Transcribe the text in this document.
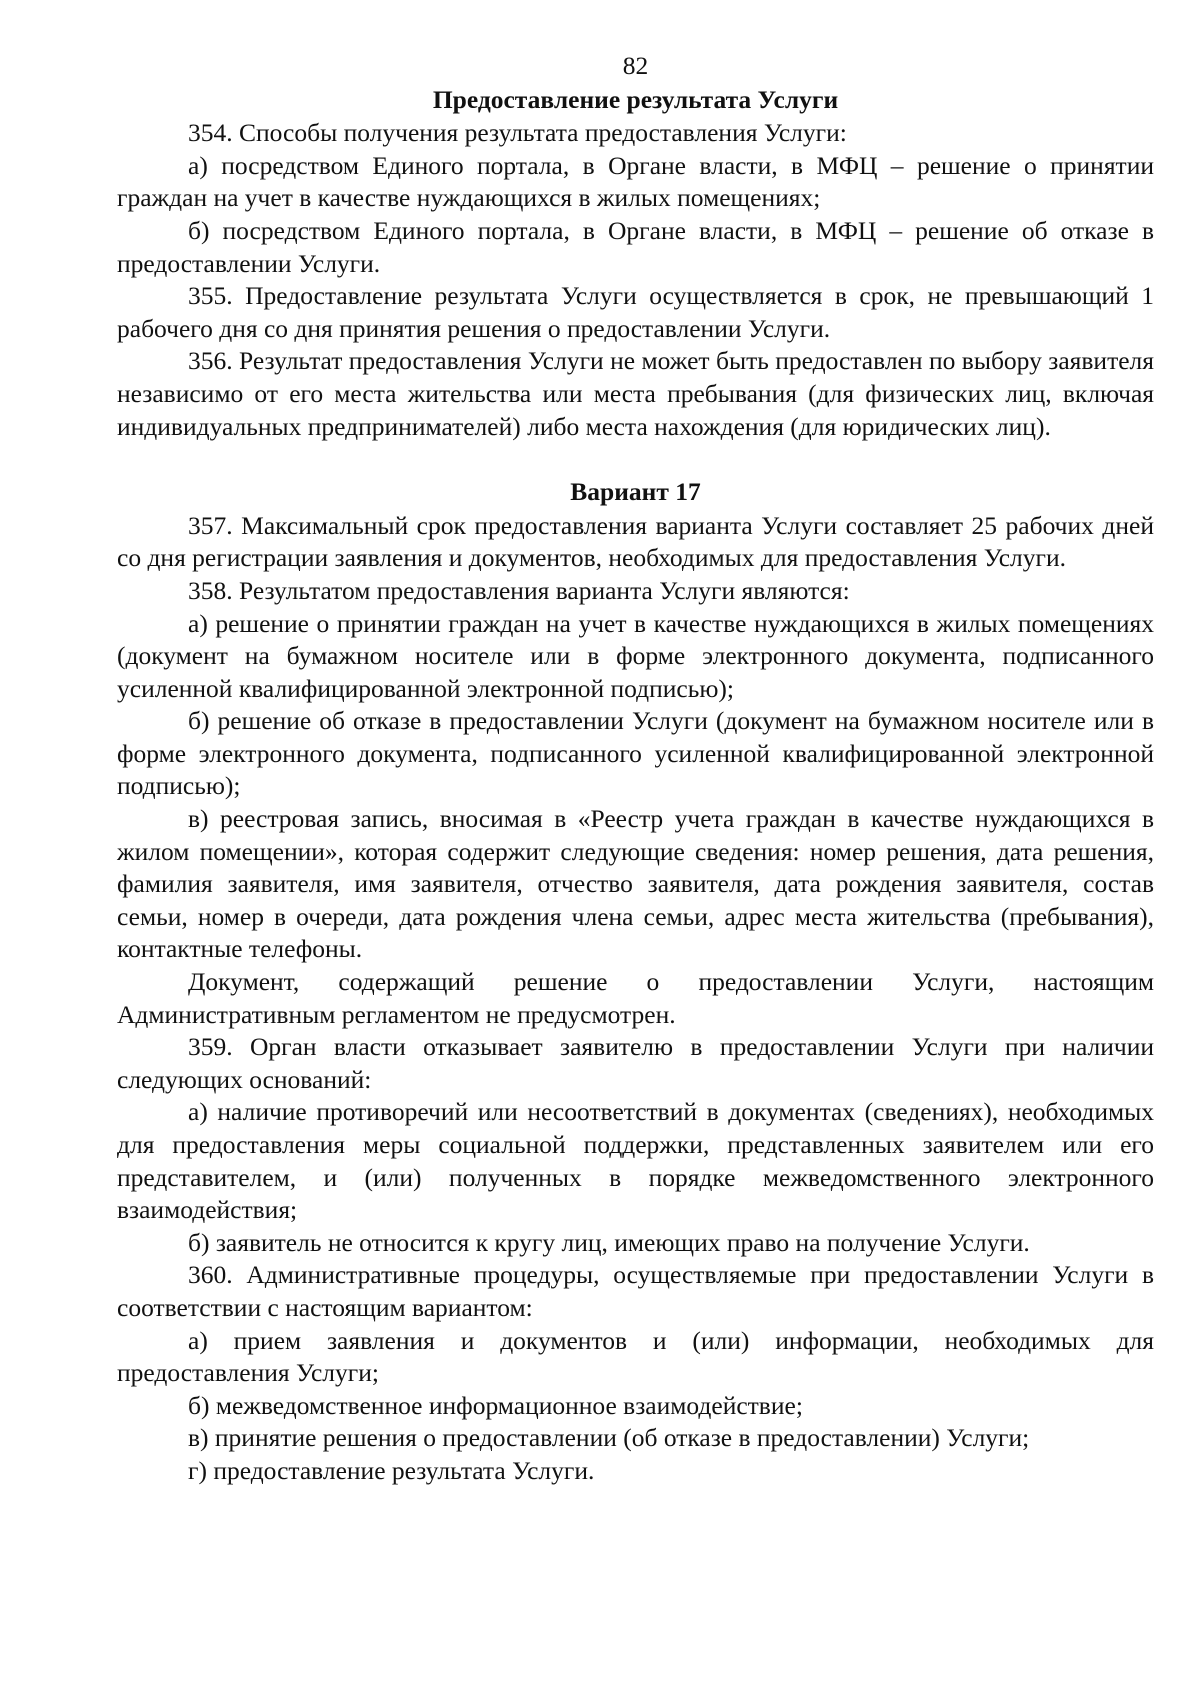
82
Предоставление результата Услуги

354. Способы получения результата предоставления Услуги:

а) посредством Единого портала, в Органе власти, в МФЦ – решение о принятии граждан на учет в качестве нуждающихся в жилых помещениях;

б) посредством Единого портала, в Органе власти, в МФЦ – решение об отказе в предоставлении Услуги.

355. Предоставление результата Услуги осуществляется в срок, не превышающий 1 рабочего дня со дня принятия решения о предоставлении Услуги.

356. Результат предоставления Услуги не может быть предоставлен по выбору заявителя независимо от его места жительства или места пребывания (для физических лиц, включая индивидуальных предпринимателей) либо места нахождения (для юридических лиц).

Вариант 17

357. Максимальный срок предоставления варианта Услуги составляет 25 рабочих дней со дня регистрации заявления и документов, необходимых для предоставления Услуги.

358. Результатом предоставления варианта Услуги являются:

а) решение о принятии граждан на учет в качестве нуждающихся в жилых помещениях (документ на бумажном носителе или в форме электронного документа, подписанного усиленной квалифицированной электронной подписью);

б) решение об отказе в предоставлении Услуги (документ на бумажном носителе или в форме электронного документа, подписанного усиленной квалифицированной электронной подписью);

в) реестровая запись, вносимая в «Реестр учета граждан в качестве нуждающихся в жилом помещении», которая содержит следующие сведения: номер решения, дата решения, фамилия заявителя, имя заявителя, отчество заявителя, дата рождения заявителя, состав семьи, номер в очереди, дата рождения члена семьи, адрес места жительства (пребывания), контактные телефоны.

Документ, содержащий решение о предоставлении Услуги, настоящим Административным регламентом не предусмотрен.

359. Орган власти отказывает заявителю в предоставлении Услуги при наличии следующих оснований:

а) наличие противоречий или несоответствий в документах (сведениях), необходимых для предоставления меры социальной поддержки, представленных заявителем или его представителем, и (или) полученных в порядке межведомственного электронного взаимодействия;

б) заявитель не относится к кругу лиц, имеющих право на получение Услуги.

360. Административные процедуры, осуществляемые при предоставлении Услуги в соответствии с настоящим вариантом:

а) прием заявления и документов и (или) информации, необходимых для предоставления Услуги;

б) межведомственное информационное взаимодействие;

в) принятие решения о предоставлении (об отказе в предоставлении) Услуги;

г) предоставление результата Услуги.
